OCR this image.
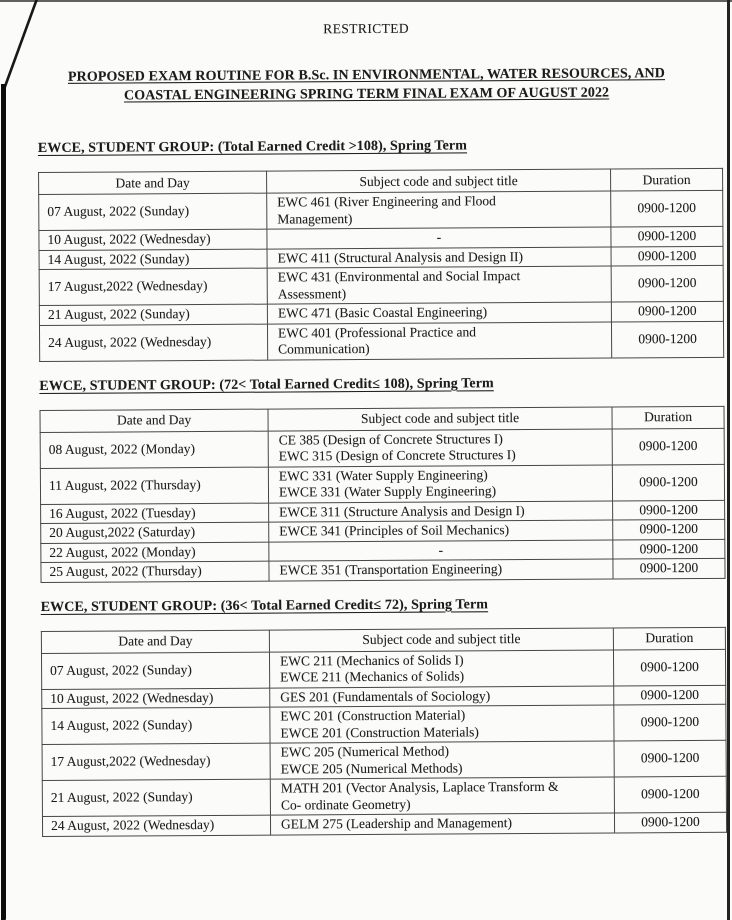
RESTRICTED
PROPOSED EXAM ROUTINE FOR B.Sc. IN ENVIRONMENTAL, WATER RESOURCES, AND
COASTAL ENGINEERING SPRING TERM FINAL EXAM OF AUGUST 2022
EWCE, STUDENT GROUP: (Total Earned Credit >108), Spring Term
Date and Day	Subject code and subject title	Duration
07 August, 2022 (Sunday)	EWC 461 (River Engineering and Flood
Management)	0900-1200
10 August, 2022 (Wednesday)	-	0900-1200
14 August, 2022 (Sunday)	EWC 411 (Structural Analysis and Design II)	0900-1200
17 August,2022 (Wednesday)	EWC 431 (Environmental and Social Impact
Assessment)	0900-1200
21 August, 2022 (Sunday)	EWC 471 (Basic Coastal Engineering)	0900-1200
24 August, 2022 (Wednesday)	EWC 401 (Professional Practice and
Communication)	0900-1200
EWCE, STUDENT GROUP: (72< Total Earned Credit≤ 108), Spring Term
Date and Day	Subject code and subject title	Duration
08 August, 2022 (Monday)	CE 385 (Design of Concrete Structures I)
EWC 315 (Design of Concrete Structures I)	0900-1200
11 August, 2022 (Thursday)	EWC 331 (Water Supply Engineering)
EWCE 331 (Water Supply Engineering)	0900-1200
16 August, 2022 (Tuesday)	EWCE 311 (Structure Analysis and Design I)	0900-1200
20 August,2022 (Saturday)	EWCE 341 (Principles of Soil Mechanics)	0900-1200
22 August, 2022 (Monday)	-	0900-1200
25 August, 2022 (Thursday)	EWCE 351 (Transportation Engineering)	0900-1200
EWCE, STUDENT GROUP: (36< Total Earned Credit≤ 72), Spring Term
Date and Day	Subject code and subject title	Duration
07 August, 2022 (Sunday)	EWC 211 (Mechanics of Solids I)
EWCE 211 (Mechanics of Solids)	0900-1200
10 August, 2022 (Wednesday)	GES 201 (Fundamentals of Sociology)	0900-1200
14 August, 2022 (Sunday)	EWC 201 (Construction Material)
EWCE 201 (Construction Materials)	0900-1200
17 August,2022 (Wednesday)	EWC 205 (Numerical Method)
EWCE 205 (Numerical Methods)	0900-1200
21 August, 2022 (Sunday)	MATH 201 (Vector Analysis, Laplace Transform &
Co- ordinate Geometry)	0900-1200
24 August, 2022 (Wednesday)	GELM 275 (Leadership and Management)	0900-1200
